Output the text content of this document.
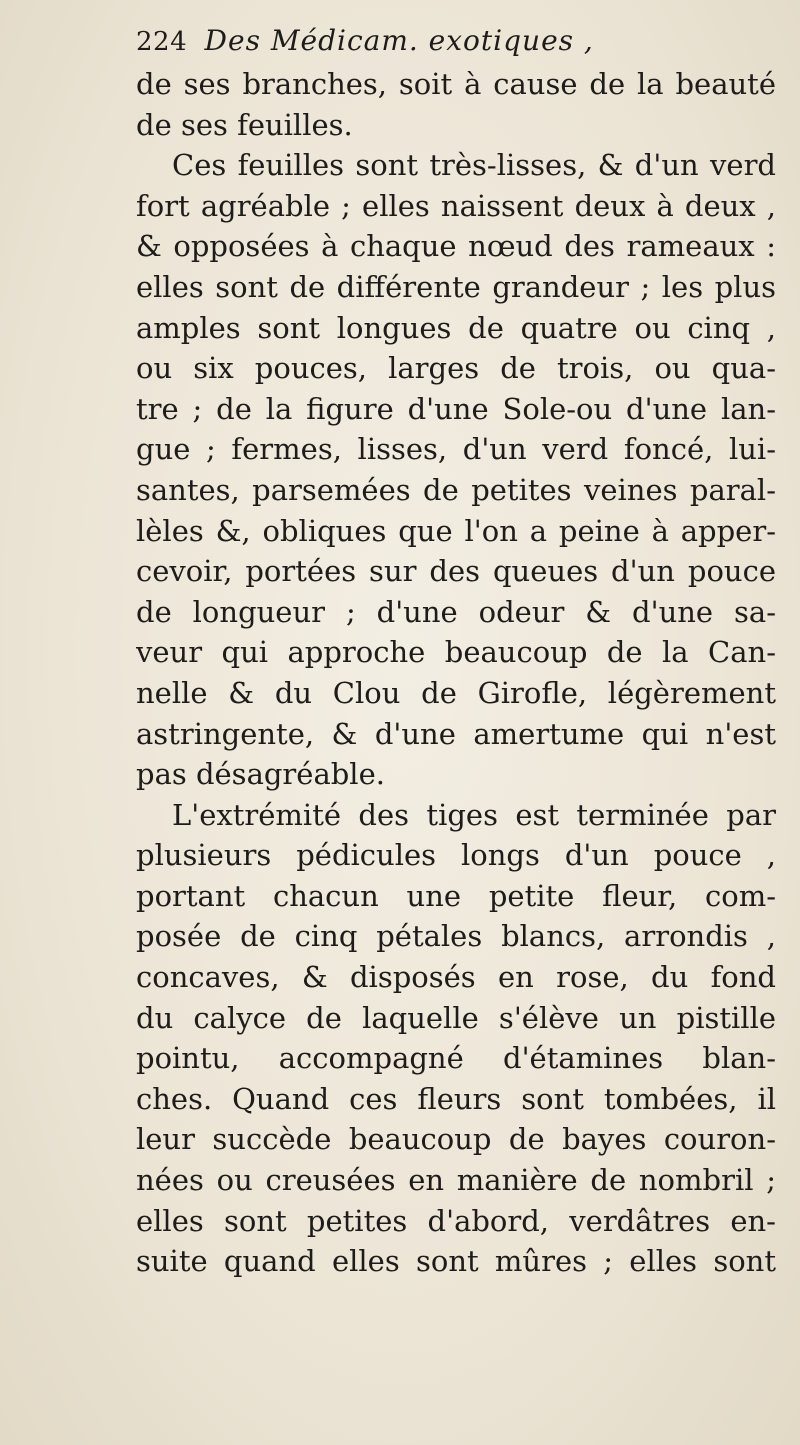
224 Des Médicam. exotiques ,
de ses branches, soit à cause de la beauté
de ses feuilles.
Ces feuilles sont très-lisses, & d'un verd
fort agréable ; elles naissent deux à deux ,
& opposées à chaque nœud des rameaux :
elles sont de différente grandeur ; les plus
amples sont longues de quatre ou cinq ,
ou six pouces, larges de trois, ou qua-
tre ; de la figure d'une Sole-ou d'une lan-
gue ; fermes, lisses, d'un verd foncé, lui-
santes, parsemées de petites veines paral-
lèles &, obliques que l'on a peine à apper-
cevoir, portées sur des queues d'un pouce
de longueur ; d'une odeur & d'une sa-
veur qui approche beaucoup de la Can-
nelle & du Clou de Girofle, légèrement
astringente, & d'une amertume qui n'est
pas désagréable.
L'extrémité des tiges est terminée par
plusieurs pédicules longs d'un pouce ,
portant chacun une petite fleur, com-
posée de cinq pétales blancs, arrondis ,
concaves, & disposés en rose, du fond
du calyce de laquelle s'élève un pistille
pointu, accompagné d'étamines blan-
ches. Quand ces fleurs sont tombées, il
leur succède beaucoup de bayes couron-
nées ou creusées en manière de nombril ;
elles sont petites d'abord, verdâtres en-
suite quand elles sont mûres ; elles sont
